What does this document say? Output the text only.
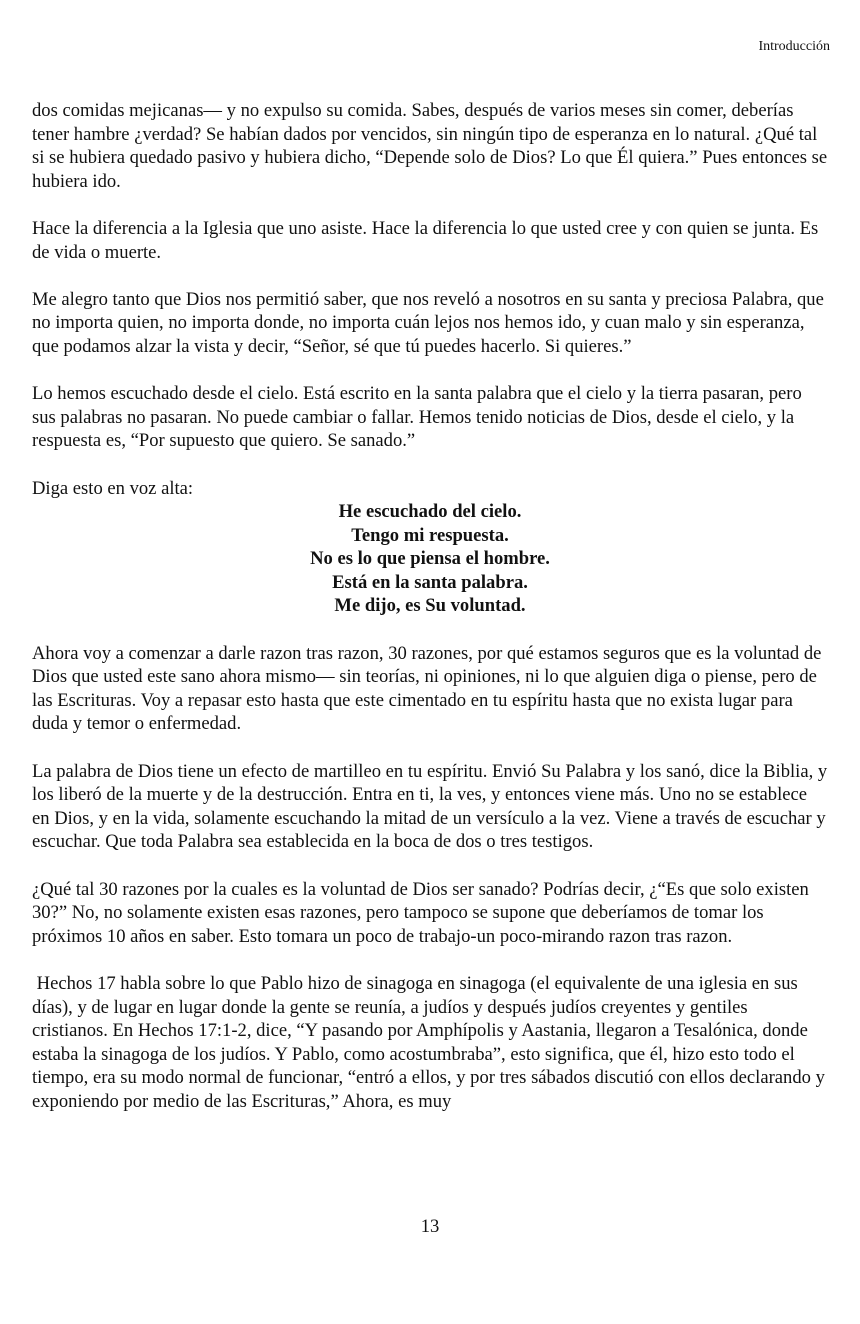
Introducción

dos comidas mejicanas— y no expulso su comida. Sabes, después de varios meses sin comer, deberías tener hambre ¿verdad? Se habían dados por vencidos, sin ningún tipo de esperanza en lo natural. ¿Qué tal si se hubiera quedado pasivo y hubiera dicho, “Depende solo de Dios? Lo que Él quiera.” Pues entonces se hubiera ido.

Hace la diferencia a la Iglesia que uno asiste. Hace la diferencia lo que usted cree y con quien se junta. Es de vida o muerte.

Me alegro tanto que Dios nos permitió saber, que nos reveló a nosotros en su santa y preciosa Palabra, que no importa quien, no importa donde, no importa cuán lejos nos hemos ido, y cuan malo y sin esperanza, que podamos alzar la vista y decir, “Señor, sé que tú puedes hacerlo. Si quieres.”

Lo hemos escuchado desde el cielo. Está escrito en la santa palabra que el cielo y la tierra pasaran, pero sus palabras no pasaran. No puede cambiar o fallar. Hemos tenido noticias de Dios, desde el cielo, y la respuesta es, “Por supuesto que quiero. Se sanado.”

Diga esto en voz alta:

He escuchado del cielo.
Tengo mi respuesta.
No es lo que piensa el hombre.
Está en la santa palabra.
Me dijo, es Su voluntad.

Ahora voy a comenzar a darle razon tras razon, 30 razones, por qué estamos seguros que es la voluntad de Dios que usted este sano ahora mismo— sin teorías, ni opiniones, ni lo que alguien diga o piense, pero de las Escrituras. Voy a repasar esto hasta que este cimentado en tu espíritu hasta que no exista lugar para duda y temor o enfermedad.

La palabra de Dios tiene un efecto de martilleo en tu espíritu. Envió Su Palabra y los sanó, dice la Biblia, y los liberó de la muerte y de la destrucción. Entra en ti, la ves, y entonces viene más. Uno no se establece en Dios, y en la vida, solamente escuchando la mitad de un versículo a la vez. Viene a través de escuchar y escuchar. Que toda Palabra sea establecida en la boca de dos o tres testigos.

¿Qué tal 30 razones por la cuales es la voluntad de Dios ser sanado? Podrías decir, ¿“Es que solo existen 30?” No, no solamente existen esas razones, pero tampoco se supone que deberíamos de tomar los próximos 10 años en saber. Esto tomara un poco de trabajo-un poco-mirando razon tras razon.

Hechos 17 habla sobre lo que Pablo hizo de sinagoga en sinagoga (el equivalente de una iglesia en sus días), y de lugar en lugar donde la gente se reunía, a judíos y después judíos creyentes y gentiles cristianos. En Hechos 17:1-2, dice, “Y pasando por Amphípolis y Aastania, llegaron a Tesalónica, donde estaba la sinagoga de los judíos. Y Pablo, como acostumbraba”, esto significa, que él, hizo esto todo el tiempo, era su modo normal de funcionar, “entró a ellos, y por tres sábados discutió con ellos declarando y exponiendo por medio de las Escrituras,” Ahora, es muy

13
